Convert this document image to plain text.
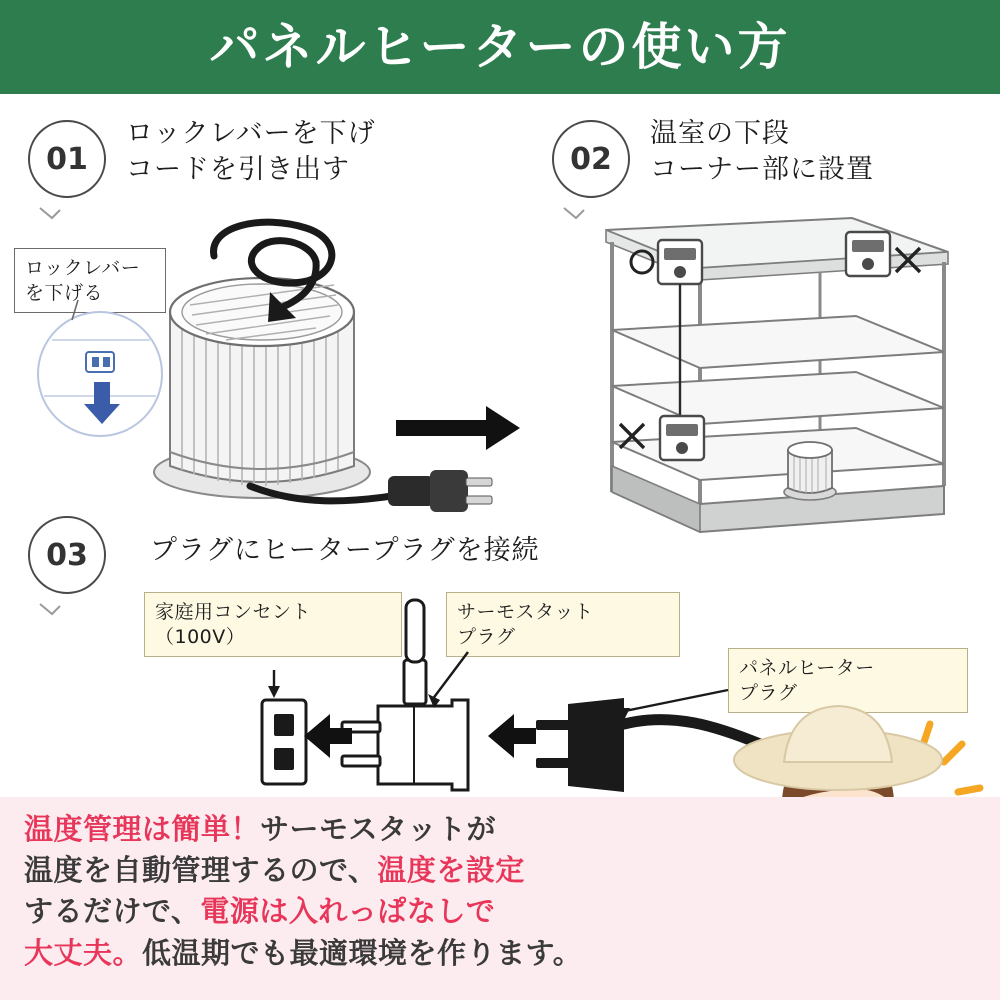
パネルヒーターの使い方
01
ロックレバーを下げ
コードを引き出す
ロックレバー
を下げる
02
温室の下段
コーナー部に設置
03 プラグにヒータープラグを接続
家庭用コンセント
（100V）
サーモスタット
プラグ
パネルヒーター
プラグ
温度管理は簡単！サーモスタットが
温度を自動管理するので、温度を設定
するだけで、電源は入れっぱなしで
大丈夫。低温期でも最適環境を作ります。
